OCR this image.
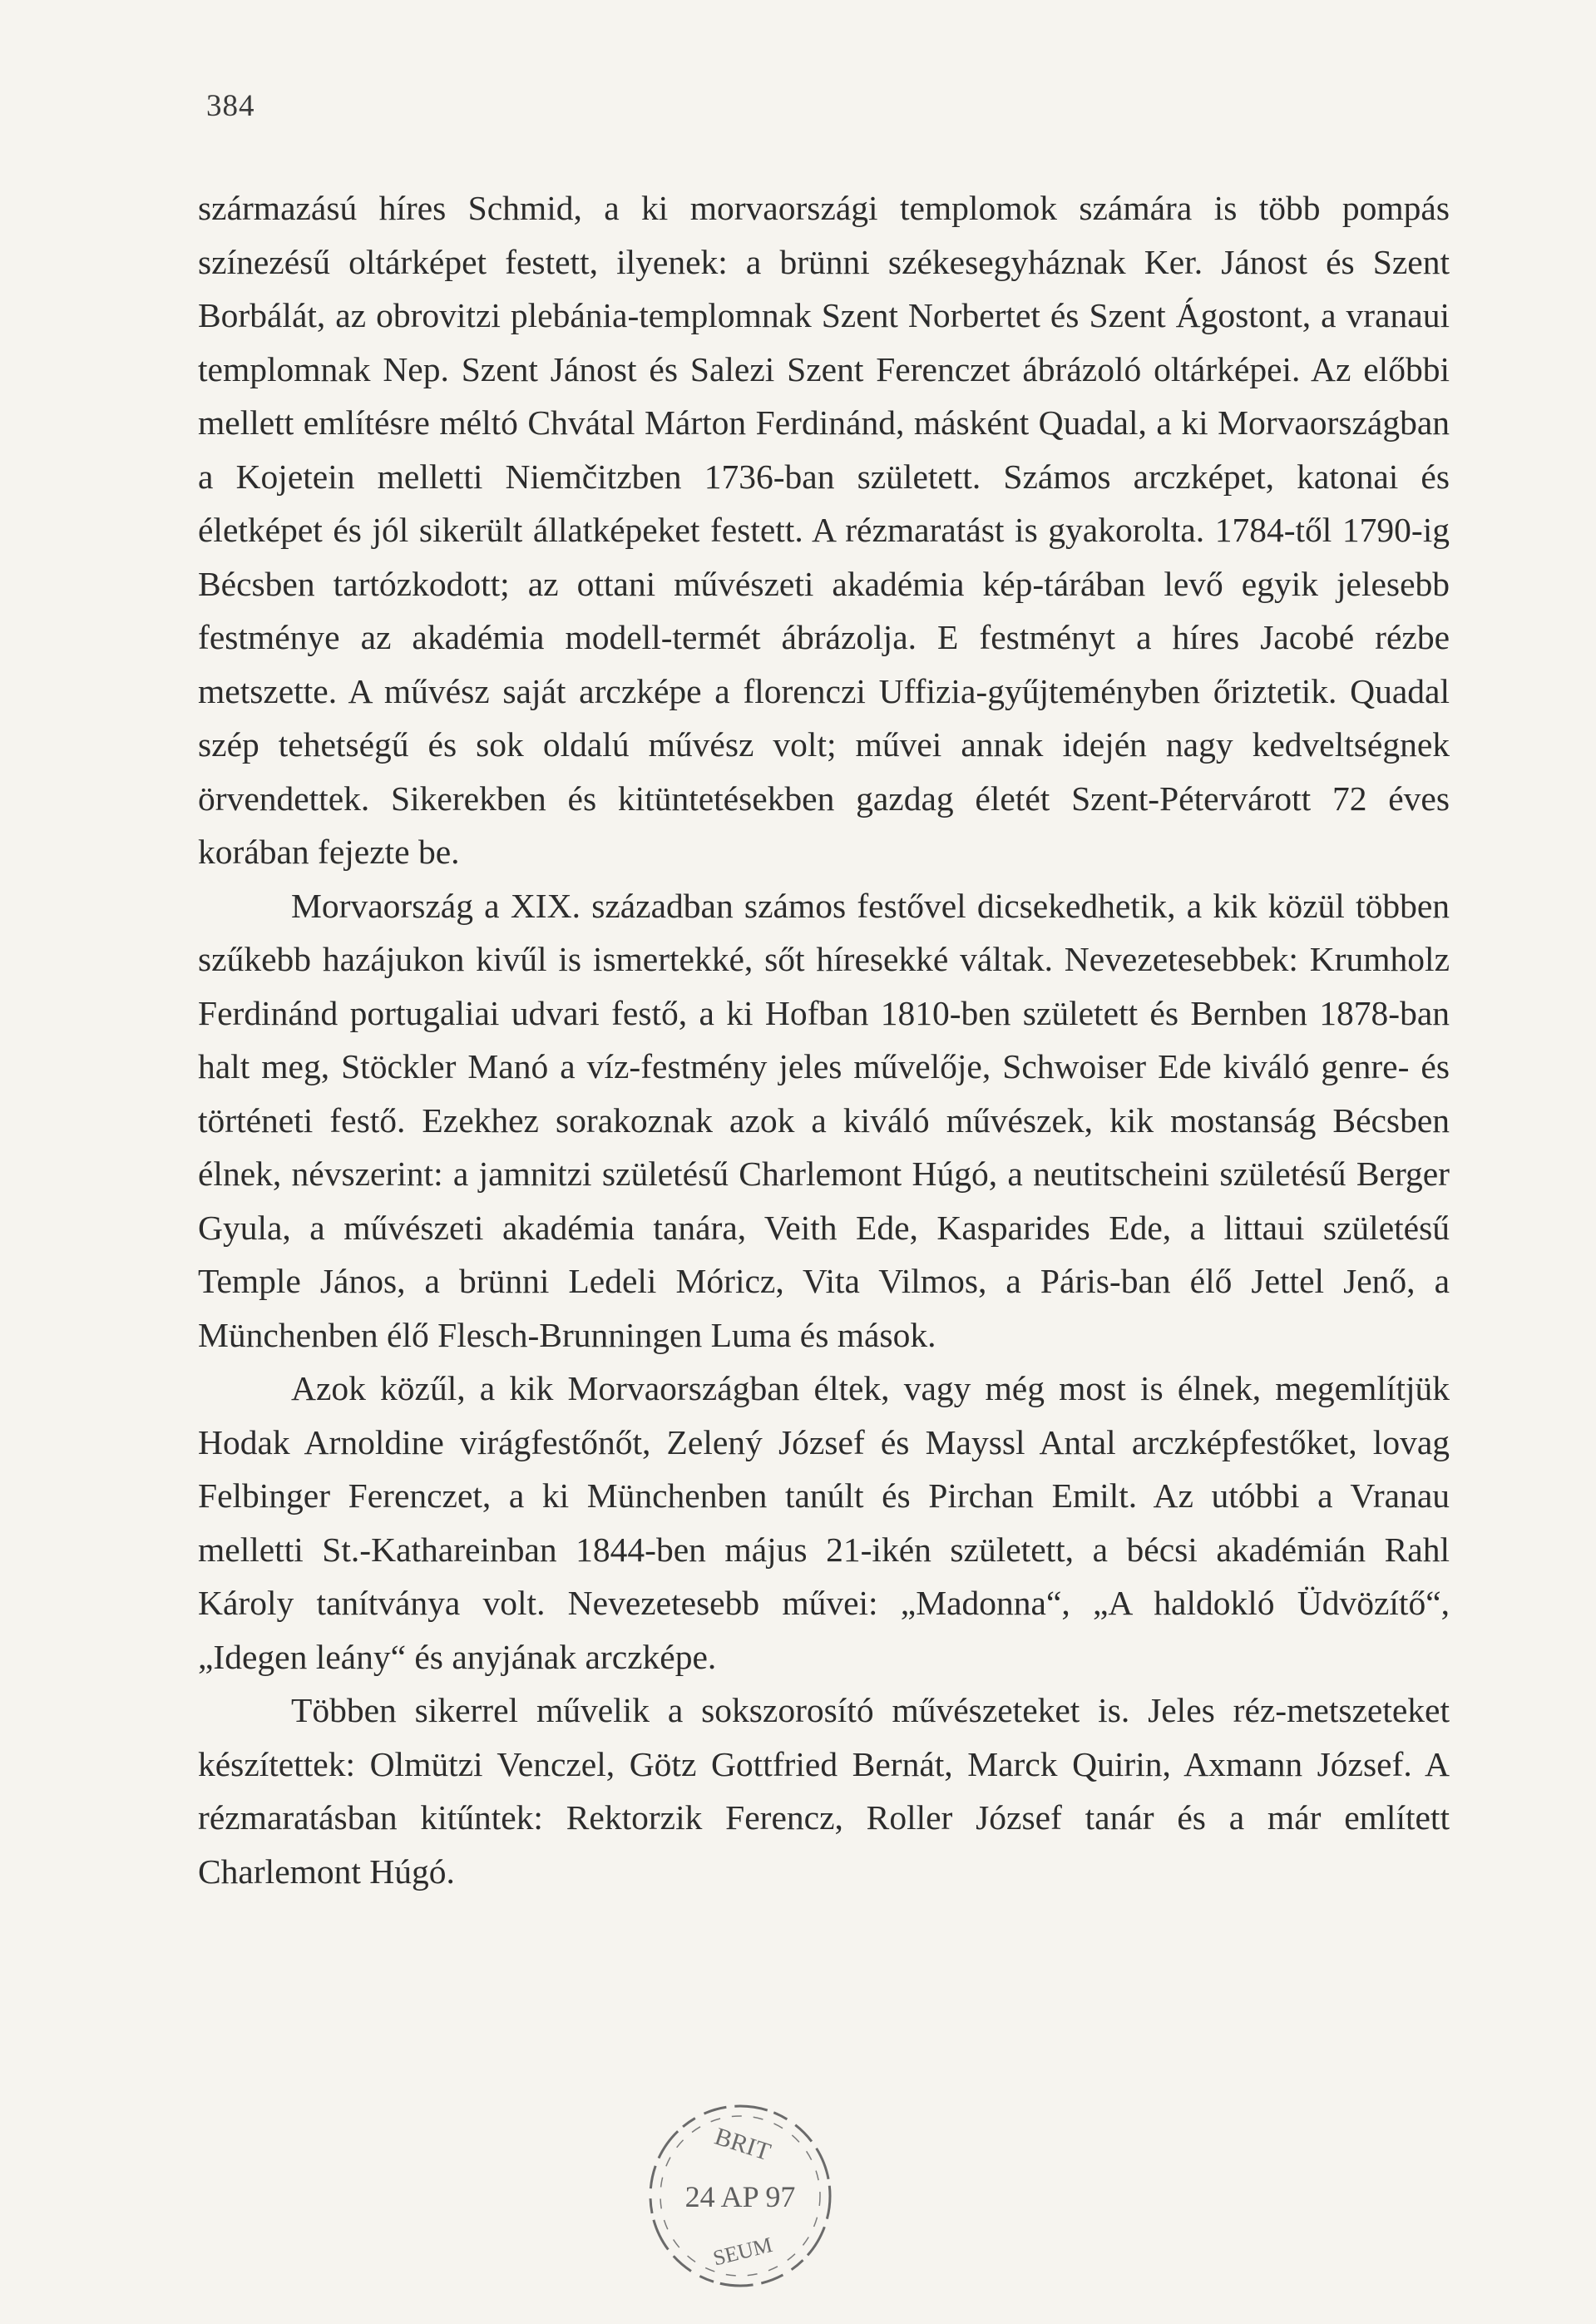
384

származású híres Schmid, a ki morvaországi templomok számára is több pompás színezésű oltárképet festett, ilyenek: a brünni székesegyháznak Ker. Jánost és Szent Borbálát, az obrovitzi plebánia-templomnak Szent Norbertet és Szent Ágostont, a vranaui templomnak Nep. Szent Jánost és Salezi Szent Ferenczet ábrázoló oltárképei. Az előbbi mellett említésre méltó Chvátal Márton Ferdinánd, másként Quadal, a ki Morvaországban a Kojetein melletti Niemčitzben 1736-ban született. Számos arczképet, katonai és életképet és jól sikerült állatképeket festett. A rézmaratást is gyakorolta. 1784-től 1790-ig Bécsben tartózkodott; az ottani művészeti akadémia kép-tárában levő egyik jelesebb festménye az akadémia modell-termét ábrázolja. E festményt a híres Jacobé rézbe metszette. A művész saját arczképe a florenczi Uffizia-gyűjteményben őriztetik. Quadal szép tehetségű és sok oldalú művész volt; művei annak idején nagy kedveltségnek örvendettek. Sikerekben és kitüntetésekben gazdag életét Szent-Pétervárott 72 éves korában fejezte be.

Morvaország a XIX. században számos festővel dicsekedhetik, a kik közül többen szűkebb hazájukon kivűl is ismertekké, sőt híresekké váltak. Nevezetesebbek: Krumholz Ferdinánd portugaliai udvari festő, a ki Hofban 1810-ben született és Bernben 1878-ban halt meg, Stöckler Manó a víz-festmény jeles művelője, Schwoiser Ede kiváló genre- és történeti festő. Ezekhez sorakoznak azok a kiváló művészek, kik mostanság Bécsben élnek, névszerint: a jamnitzi születésű Charlemont Húgó, a neutitscheini születésű Berger Gyula, a művészeti akadémia tanára, Veith Ede, Kasparides Ede, a littaui születésű Temple János, a brünni Ledeli Móricz, Vita Vilmos, a Páris-ban élő Jettel Jenő, a Münchenben élő Flesch-Brunningen Luma és mások.

Azok közűl, a kik Morvaországban éltek, vagy még most is élnek, megemlítjük Hodak Arnoldine virágfestőnőt, Zelený József és Mayssl Antal arczképfestőket, lovag Felbinger Ferenczet, a ki Münchenben tanúlt és Pirchan Emilt. Az utóbbi a Vranau melletti St.-Kathareinban 1844-ben május 21-ikén született, a bécsi akadémián Rahl Károly tanítványa volt. Nevezetesebb művei: „Madonna“, „A haldokló Üdvözítő“, „Idegen leány“ és anyjának arczképe.

Többen sikerrel művelik a sokszorosító művészeteket is. Jeles réz-metszeteket készítettek: Olmützi Venczel, Götz Gottfried Bernát, Marck Quirin, Axmann József. A rézmaratásban kitűntek: Rektorzik Ferencz, Roller József tanár és a már említett Charlemont Húgó.

BRIT
24 AP 97
SEUM
